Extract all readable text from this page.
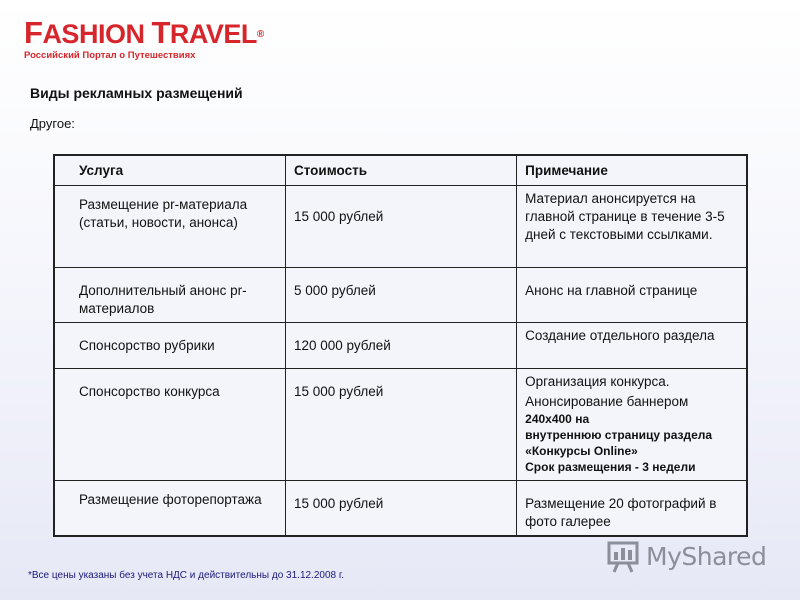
FASHION TRAVEL®
Российский Портал о Путешествиях
Виды рекламных размещений
Другое:
Услуга	Стоимость	Примечание
Размещение pr-материала (статьи, новости, анонса)	15 000 рублей	Материал анонсируется на главной странице в течение 3-5 дней с текстовыми ссылками.
Дополнительный анонс pr-материалов	5 000 рублей	Анонс на главной странице
Спонсорство рубрики	120 000 рублей	Создание отдельного раздела
Спонсорство конкурса	15 000 рублей	Организация конкурса.
Анонсирование баннером
240x400 на
внутреннюю страницу раздела «Конкурсы Online»
Срок размещения - 3 недели

Размещение фоторепортажа	15 000 рублей	Размещение 20 фотографий в фото галерее
*Все цены указаны без учета НДС и действительны до 31.12.2008 г.
MyShared
